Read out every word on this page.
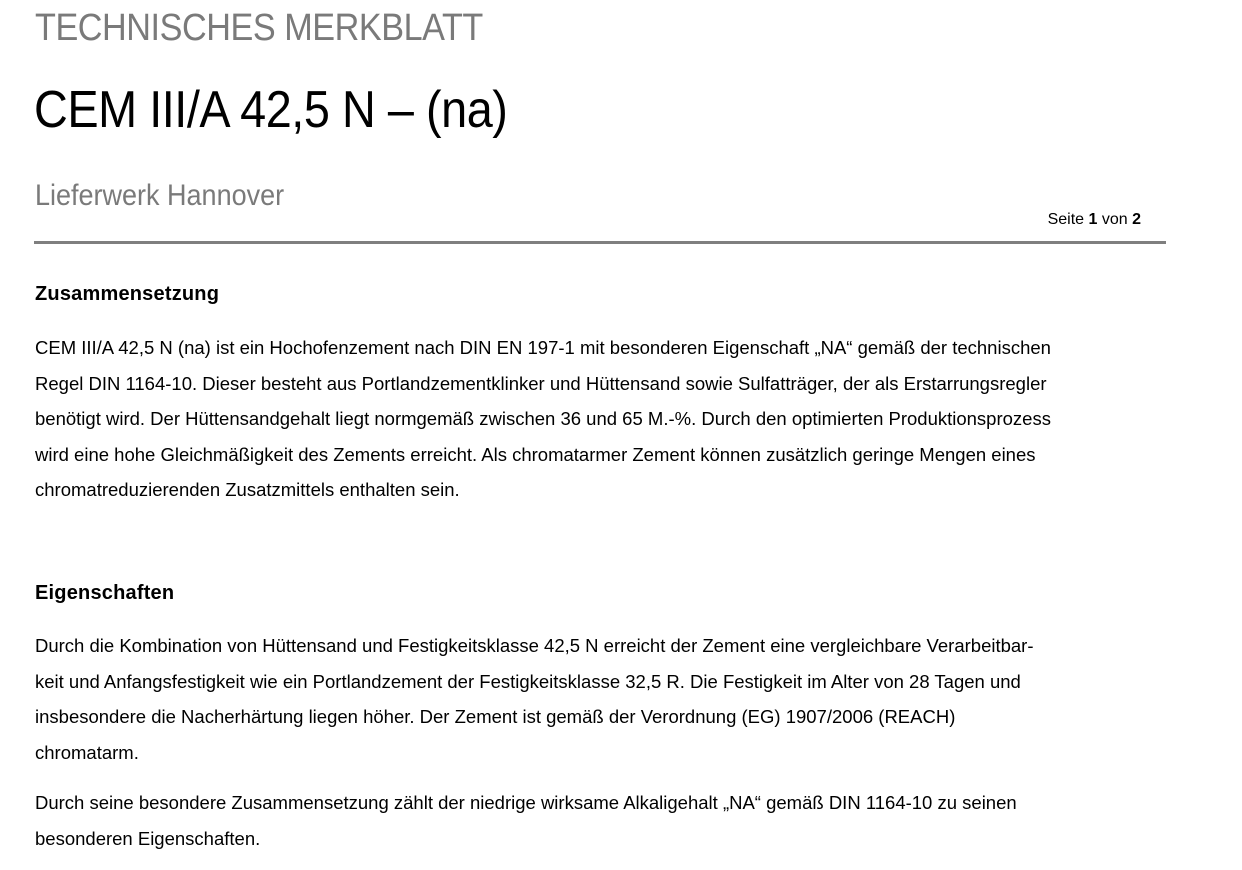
TECHNISCHES MERKBLATT
CEM III/A 42,5 N – (na)
Lieferwerk Hannover
Seite 1 von 2
Zusammensetzung
CEM III/A 42,5 N (na) ist ein Hochofenzement nach DIN EN 197-1 mit besonderen Eigenschaft „NA“ gemäß der technischen
Regel DIN 1164-10. Dieser besteht aus Portlandzementklinker und Hüttensand sowie Sulfatträger, der als Erstarrungsregler
benötigt wird. Der Hüttensandgehalt liegt normgemäß zwischen 36 und 65 M.-%. Durch den optimierten Produktionsprozess
wird eine hohe Gleichmäßigkeit des Zements erreicht. Als chromatarmer Zement können zusätzlich geringe Mengen eines
chromatreduzierenden Zusatzmittels enthalten sein.
Eigenschaften
Durch die Kombination von Hüttensand und Festigkeitsklasse 42,5 N erreicht der Zement eine vergleichbare Verarbeitbar-
keit und Anfangsfestigkeit wie ein Portlandzement der Festigkeitsklasse 32,5 R. Die Festigkeit im Alter von 28 Tagen und
insbesondere die Nacherhärtung liegen höher. Der Zement ist gemäß der Verordnung (EG) 1907/2006 (REACH)
chromatarm.
Durch seine besondere Zusammensetzung zählt der niedrige wirksame Alkaligehalt „NA“ gemäß DIN 1164-10 zu seinen
besonderen Eigenschaften.
